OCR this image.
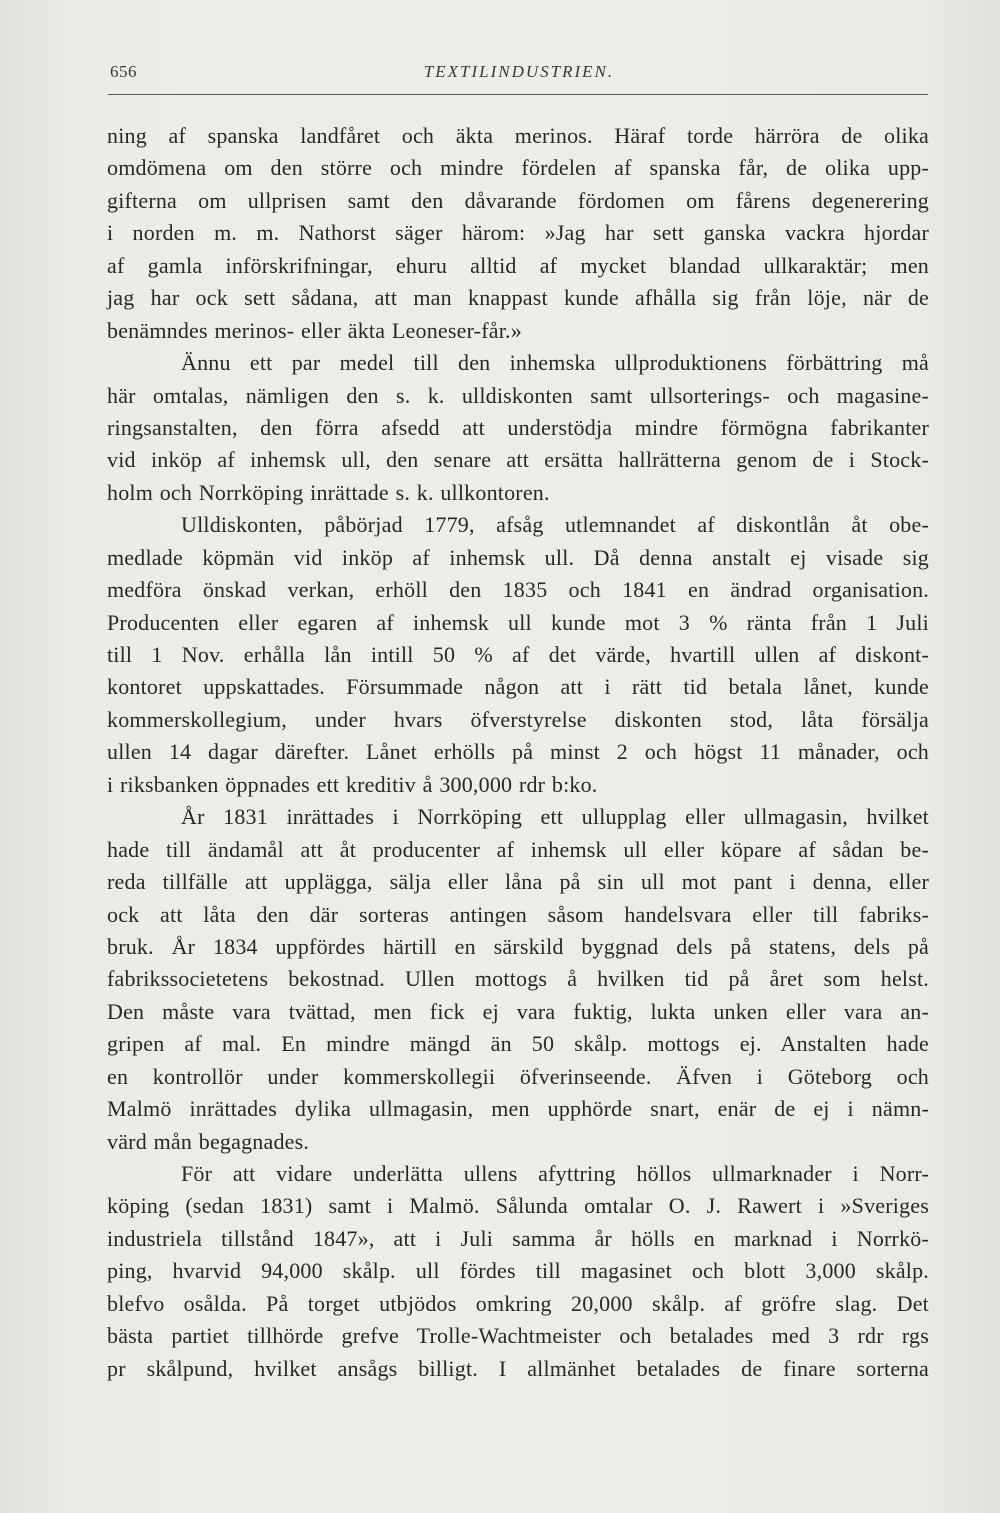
656	TEXTILINDUSTRIEN.
ning af spanska landfåret och äkta merinos. Häraf torde härröra de olika
omdömena om den större och mindre fördelen af spanska får, de olika upp-
gifterna om ullprisen samt den dåvarande fördomen om fårens degenerering
i norden m. m. Nathorst säger härom: »Jag har sett ganska vackra hjordar
af gamla införskrifningar, ehuru alltid af mycket blandad ullkaraktär; men
jag har ock sett sådana, att man knappast kunde afhålla sig från löje, när de
benämndes merinos- eller äkta Leoneser-får.»
Ännu ett par medel till den inhemska ullproduktionens förbättring må
här omtalas, nämligen den s. k. ulldiskonten samt ullsorterings- och magasine-
ringsanstalten, den förra afsedd att understödja mindre förmögna fabrikanter
vid inköp af inhemsk ull, den senare att ersätta hallrätterna genom de i Stock-
holm och Norrköping inrättade s. k. ullkontoren.
Ulldiskonten, påbörjad 1779, afsåg utlemnandet af diskontlån åt obe-
medlade köpmän vid inköp af inhemsk ull. Då denna anstalt ej visade sig
medföra önskad verkan, erhöll den 1835 och 1841 en ändrad organisation.
Producenten eller egaren af inhemsk ull kunde mot 3 % ränta från 1 Juli
till 1 Nov. erhålla lån intill 50 % af det värde, hvartill ullen af diskont-
kontoret uppskattades. Försummade någon att i rätt tid betala lånet, kunde
kommerskollegium, under hvars öfverstyrelse diskonten stod, låta försälja
ullen 14 dagar därefter. Lånet erhölls på minst 2 och högst 11 månader, och
i riksbanken öppnades ett kreditiv å 300,000 rdr b:ko.
År 1831 inrättades i Norrköping ett ullupplag eller ullmagasin, hvilket
hade till ändamål att åt producenter af inhemsk ull eller köpare af sådan be-
reda tillfälle att upplägga, sälja eller låna på sin ull mot pant i denna, eller
ock att låta den där sorteras antingen såsom handelsvara eller till fabriks-
bruk. År 1834 uppfördes härtill en särskild byggnad dels på statens, dels på
fabrikssocietetens bekostnad. Ullen mottogs å hvilken tid på året som helst.
Den måste vara tvättad, men fick ej vara fuktig, lukta unken eller vara an-
gripen af mal. En mindre mängd än 50 skålp. mottogs ej. Anstalten hade
en kontrollör under kommerskollegii öfverinseende. Äfven i Göteborg och
Malmö inrättades dylika ullmagasin, men upphörde snart, enär de ej i nämn-
värd mån begagnades.
För att vidare underlätta ullens afyttring höllos ullmarknader i Norr-
köping (sedan 1831) samt i Malmö. Sålunda omtalar O. J. Rawert i »Sveriges
industriela tillstånd 1847», att i Juli samma år hölls en marknad i Norrkö-
ping, hvarvid 94,000 skålp. ull fördes till magasinet och blott 3,000 skålp.
blefvo osålda. På torget utbjödos omkring 20,000 skålp. af gröfre slag. Det
bästa partiet tillhörde grefve Trolle-Wachtmeister och betalades med 3 rdr rgs
pr skålpund, hvilket ansågs billigt. I allmänhet betalades de finare sorterna
